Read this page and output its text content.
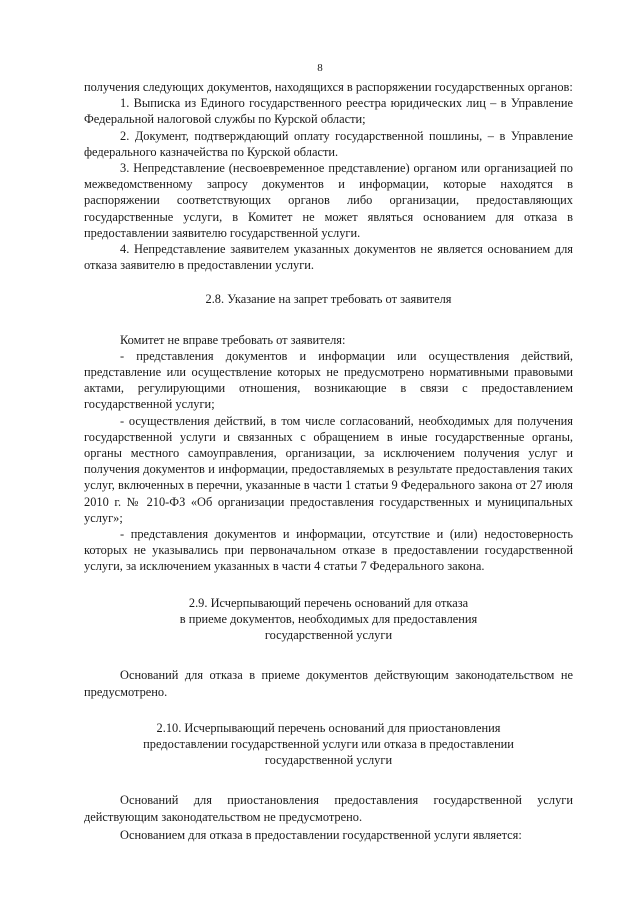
8

получения следующих документов, находящихся в распоряжении государственных органов:

1. Выписка из Единого государственного реестра юридических лиц – в Управление Федеральной налоговой службы по Курской области;

2. Документ, подтверждающий оплату государственной пошлины, – в Управление федерального казначейства по Курской области.

3. Непредставление (несвоевременное представление) органом или организацией по межведомственному запросу документов и информации, которые находятся в распоряжении соответствующих органов либо организации, предоставляющих государственные услуги, в Комитет не может являться основанием для отказа в предоставлении заявителю государственной услуги.

4. Непредставление заявителем указанных документов не является основанием для отказа заявителю в предоставлении услуги.

2.8. Указание на запрет требовать от заявителя

Комитет не вправе требовать от заявителя:

- представления документов и информации или осуществления действий, представление или осуществление которых не предусмотрено нормативными правовыми актами, регулирующими отношения, возникающие в связи с предоставлением государственной услуги;

- осуществления действий, в том числе согласований, необходимых для получения государственной услуги и связанных с обращением в иные государственные органы, органы местного самоуправления, организации, за исключением получения услуг и получения документов и информации, предоставляемых в результате предоставления таких услуг, включенных в перечни, указанные в части 1 статьи 9 Федерального закона от 27 июля 2010 г. № 210-ФЗ «Об организации предоставления государственных и муниципальных услуг»;

- представления документов и информации, отсутствие и (или) недостоверность которых не указывались при первоначальном отказе в предоставлении государственной услуги, за исключением указанных в части 4 статьи 7 Федерального закона.

2.9. Исчерпывающий перечень оснований для отказа

в приеме документов, необходимых для предоставления

государственной услуги

Оснований для отказа в приеме документов действующим законодательством не предусмотрено.

2.10. Исчерпывающий перечень оснований для приостановления

предоставлении государственной услуги или отказа в предоставлении

государственной услуги

Оснований для приостановления предоставления государственной услуги действующим законодательством не предусмотрено.

Основанием для отказа в предоставлении государственной услуги является:
